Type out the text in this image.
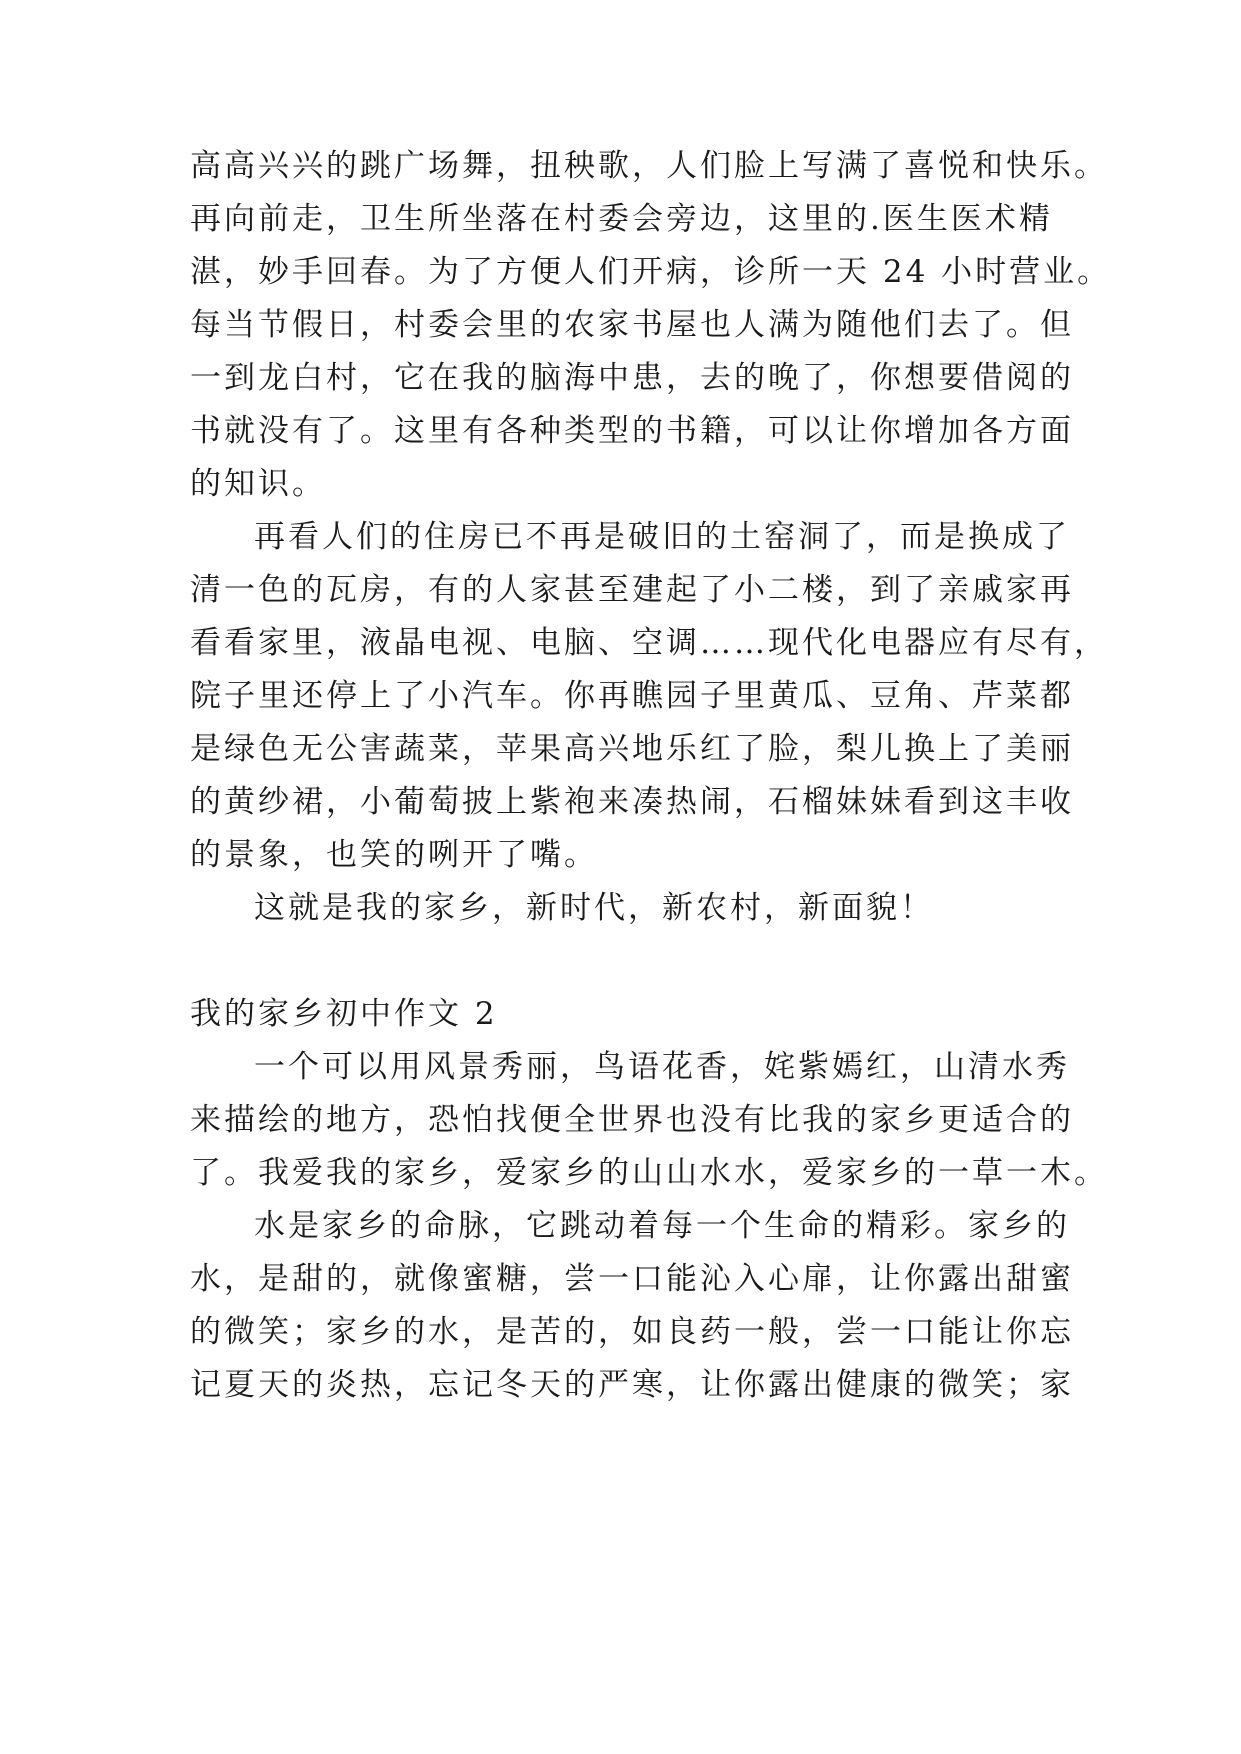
高高兴兴的跳广场舞，扭秧歌，人们脸上写满了喜悦和快乐。
再向前走，卫生所坐落在村委会旁边，这里的.医生医术精
湛，妙手回春。为了方便人们开病，诊所一天 24 小时营业。
每当节假日，村委会里的农家书屋也人满为随他们去了。但
一到龙白村，它在我的脑海中患，去的晚了，你想要借阅的
书就没有了。这里有各种类型的书籍，可以让你增加各方面
的知识。
再看人们的住房已不再是破旧的土窑洞了，而是换成了
清一色的瓦房，有的人家甚至建起了小二楼，到了亲戚家再
看看家里，液晶电视、电脑、空调……现代化电器应有尽有，
院子里还停上了小汽车。你再瞧园子里黄瓜、豆角、芹菜都
是绿色无公害蔬菜，苹果高兴地乐红了脸，梨儿换上了美丽
的黄纱裙，小葡萄披上紫袍来凑热闹，石榴妹妹看到这丰收
的景象，也笑的咧开了嘴。
这就是我的家乡，新时代，新农村，新面貌！
我的家乡初中作文 2
一个可以用风景秀丽，鸟语花香，姹紫嫣红，山清水秀
来描绘的地方，恐怕找便全世界也没有比我的家乡更适合的
了。我爱我的家乡，爱家乡的山山水水，爱家乡的一草一木。
水是家乡的命脉，它跳动着每一个生命的精彩。家乡的
水，是甜的，就像蜜糖，尝一口能沁入心扉，让你露出甜蜜
的微笑；家乡的水，是苦的，如良药一般，尝一口能让你忘
记夏天的炎热，忘记冬天的严寒，让你露出健康的微笑；家
